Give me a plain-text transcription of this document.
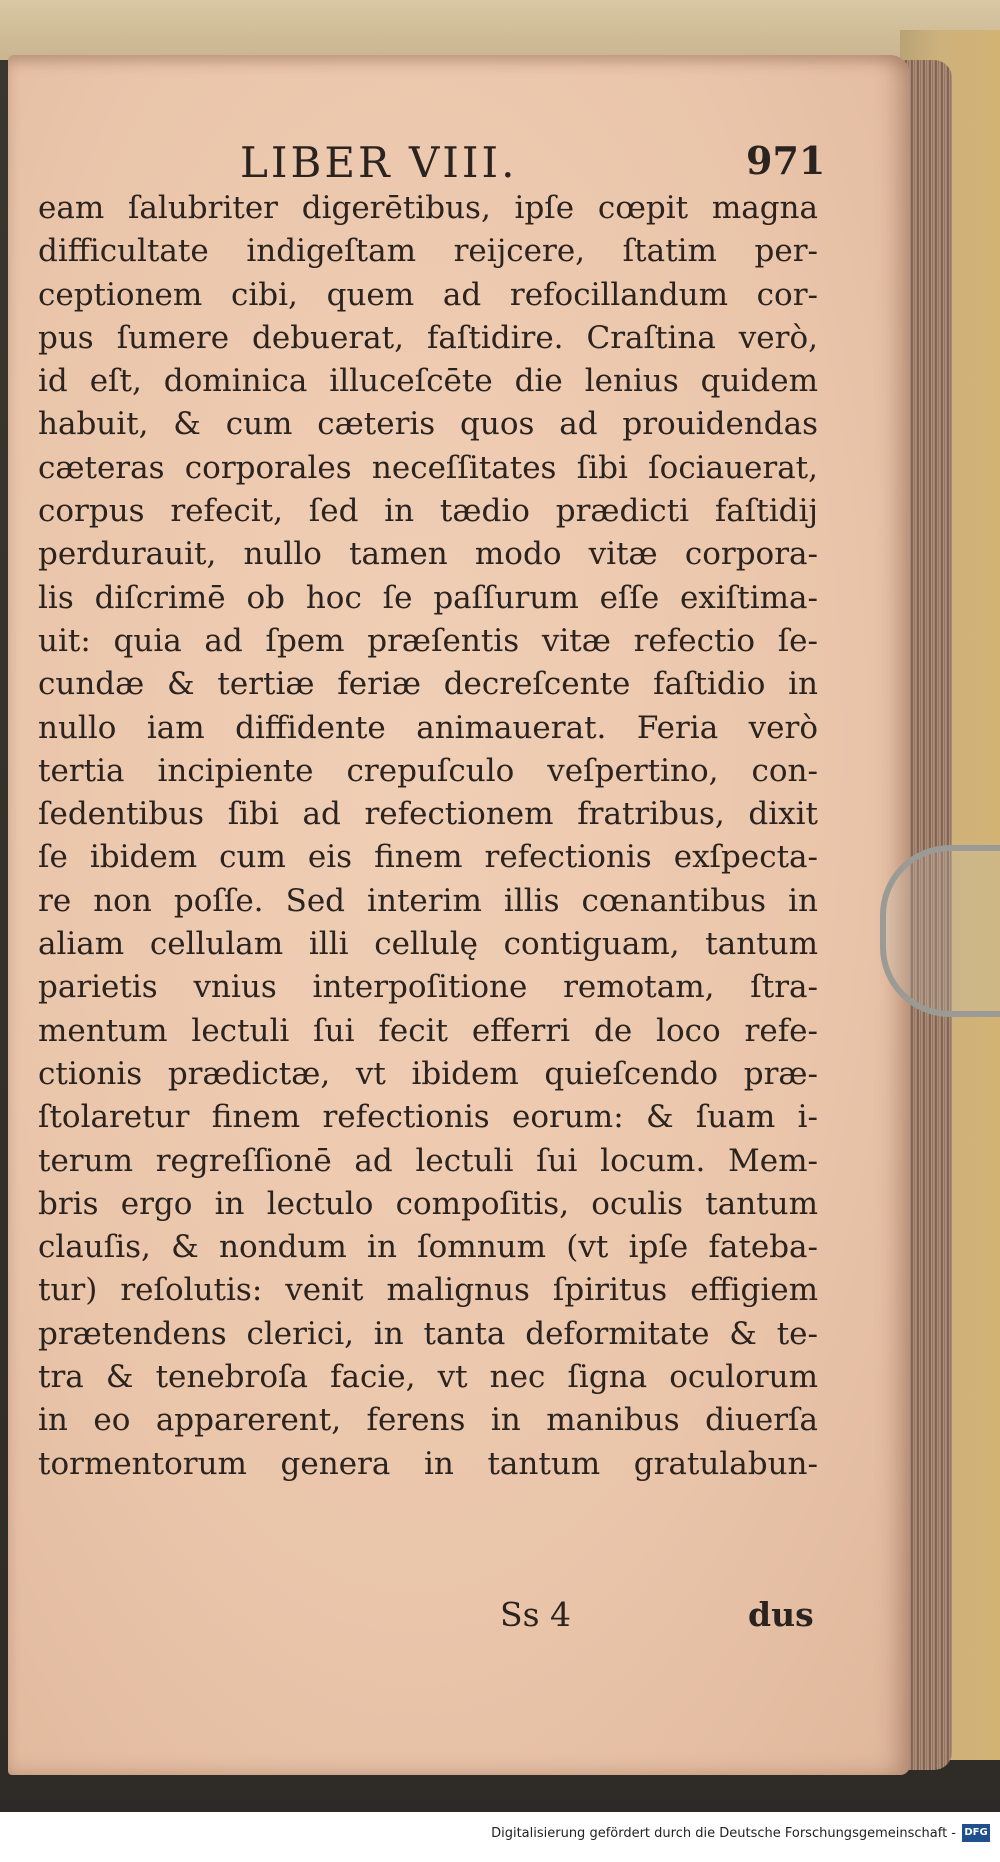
LIBER VIII.	971
eam ſalubriter digerētibus, ipſe cœpit magna
difficultate indigeſtam reijcere, ſtatim per-
ceptionem cibi, quem ad refocillandum cor-
pus ſumere debuerat, faſtidire. Craſtina verò,
id eſt, dominica illuceſcēte die lenius quidem
habuit, & cum cæteris quos ad prouidendas
cæteras corporales neceſſitates ſibi ſociauerat,
corpus refecit, ſed in tædio prædicti faſtidij
perdurauit, nullo tamen modo vitæ corpora-
lis diſcrimē ob hoc ſe paſſurum eſſe exiſtima-
uit: quia ad ſpem præſentis vitæ refectio ſe-
cundæ & tertiæ feriæ decreſcente faſtidio in
nullo iam diffidente animauerat. Feria verò
tertia incipiente crepuſculo veſpertino, con-
ſedentibus ſibi ad refectionem fratribus, dixit
ſe ibidem cum eis finem refectionis exſpecta-
re non poſſe. Sed interim illis cœnantibus in
aliam cellulam illi cellulę contiguam, tantum
parietis vnius interpoſitione remotam, ſtra-
mentum lectuli ſui fecit efferri de loco refe-
ctionis prædictæ, vt ibidem quieſcendo præ-
ſtolaretur finem refectionis eorum: & ſuam i-
terum regreſſionē ad lectuli ſui locum. Mem-
bris ergo in lectulo compoſitis, oculis tantum
clauſis, & nondum in ſomnum (vt ipſe fateba-
tur) reſolutis: venit malignus ſpiritus effigiem
prætendens clerici, in tanta deformitate & te-
tra & tenebroſa facie, vt nec ſigna oculorum
in eo apparerent, ferens in manibus diuerſa
tormentorum genera in tantum gratulabun-
Ss 4	dus
Digitalisierung gefördert durch die Deutsche Forschungsgemeinschaft - DFG
